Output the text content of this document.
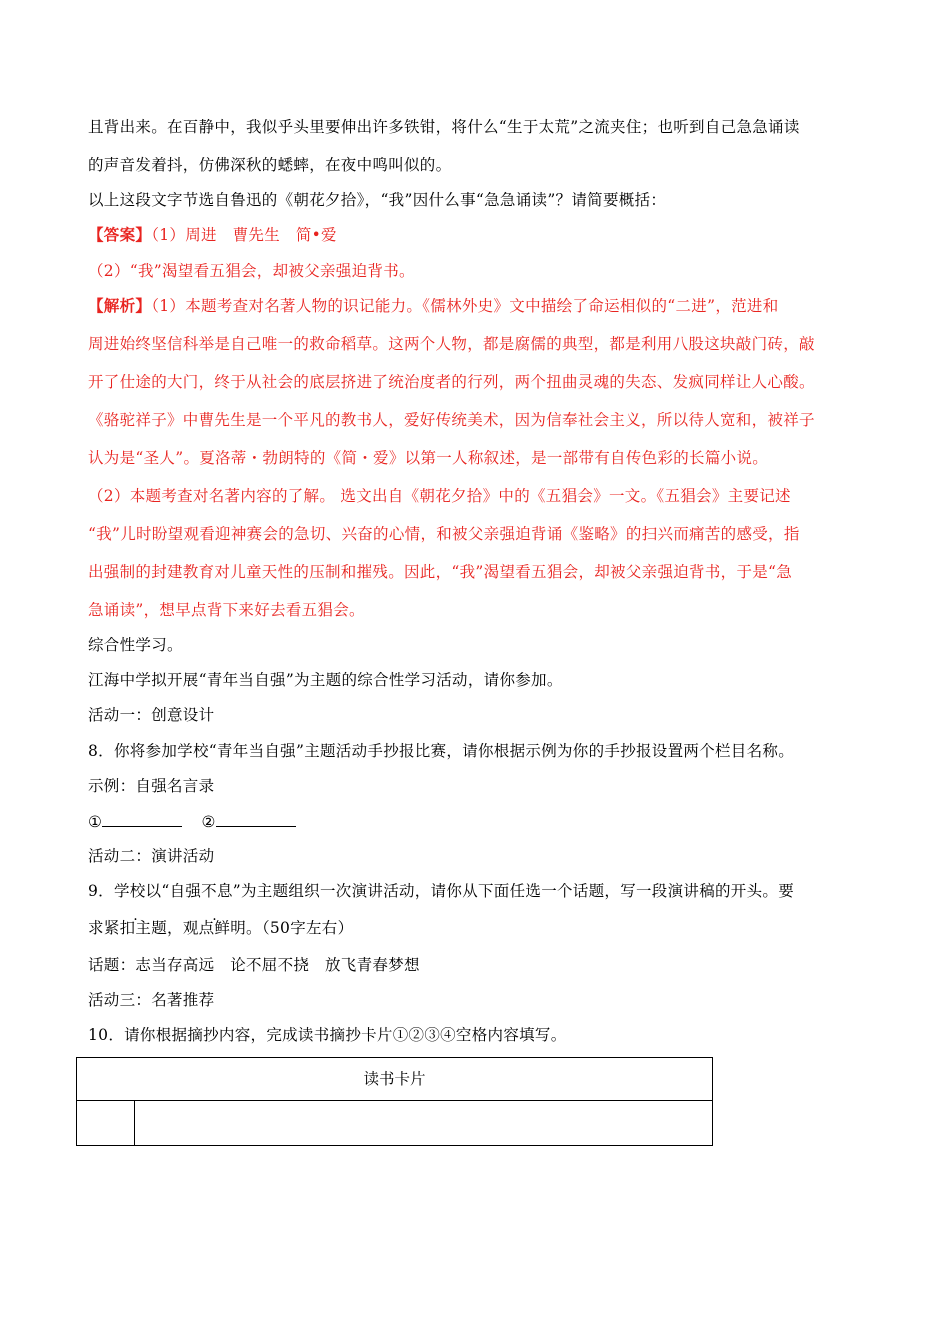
且背出来。在百静中，我似乎头里要伸出许多铁钳，将什么“生于太荒”之流夹住；也听到自己急急诵读
的声音发着抖，仿佛深秋的蟋蟀，在夜中鸣叫似的。
以上这段文字节选自鲁迅的《朝花夕拾》，“我”因什么事“急急诵读”？请简要概括：
【答案】（1）周进　曹先生　简•爱
（2）“我”渴望看五猖会，却被父亲强迫背书。
【解析】（1）本题考查对名著人物的识记能力。《儒林外史》文中描绘了命运相似的“二进”，范进和
周进始终坚信科举是自己唯一的救命稻草。这两个人物，都是腐儒的典型，都是利用八股这块敲门砖，敲
开了仕途的大门，终于从社会的底层挤进了统治度者的行列，两个扭曲灵魂的失态、发疯同样让人心酸。
《骆驼祥子》中曹先生是一个平凡的教书人，爱好传统美术，因为信奉社会主义，所以待人宽和，被祥子
认为是“圣人”。夏洛蒂・勃朗特的《简・爱》以第一人称叙述，是一部带有自传色彩的长篇小说。
（2）本题考查对名著内容的了解。 选文出自《朝花夕拾》中的《五猖会》一文。《五猖会》主要记述
“我”儿时盼望观看迎神赛会的急切、兴奋的心情，和被父亲强迫背诵《鉴略》的扫兴而痛苦的感受，指
出强制的封建教育对儿童天性的压制和摧残。因此，“我”渴望看五猖会，却被父亲强迫背书，于是“急
急诵读”，想早点背下来好去看五猖会。
综合性学习。
江海中学拟开展“青年当自强”为主题的综合性学习活动，请你参加。
活动一：创意设计
8．你将参加学校“青年当自强”主题活动手抄报比赛，请你根据示例为你的手抄报设置两个栏目名称。
示例：自强名言录
①	②
活动二：演讲活动
9．学校以“自强不息”为主题组织一次演讲活动，请你从下面任选一个话题，写一段演讲稿的开头。要
求紧扣主题，观点鲜明。（50字左右）
话题：志当存高远　论不屈不挠　放飞青春梦想
活动三：名著推荐
10．请你根据摘抄内容，完成读书摘抄卡片①②③④空格内容填写。
读书卡片
